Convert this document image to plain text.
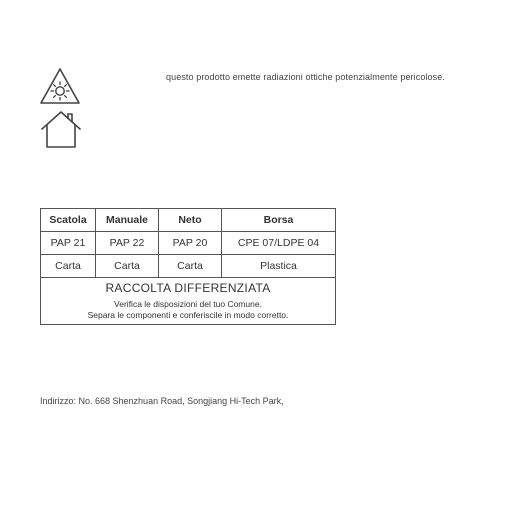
questo prodotto emette radiazioni ottiche potenzialmente pericolose.
Scatola	Manuale	Neto	Borsa
PAP 21	PAP 22	PAP 20	CPE 07/LDPE 04
Carta	Carta	Carta	Plastica
RACCOLTA DIFFERENZIATA			

Verifica le disposizioni del tuo Comune.
Separa le componenti e conferiscile in modo corretto.			
Indirizzo: No. 668 Shenzhuan Road, Songjiang Hi-Tech Park,
